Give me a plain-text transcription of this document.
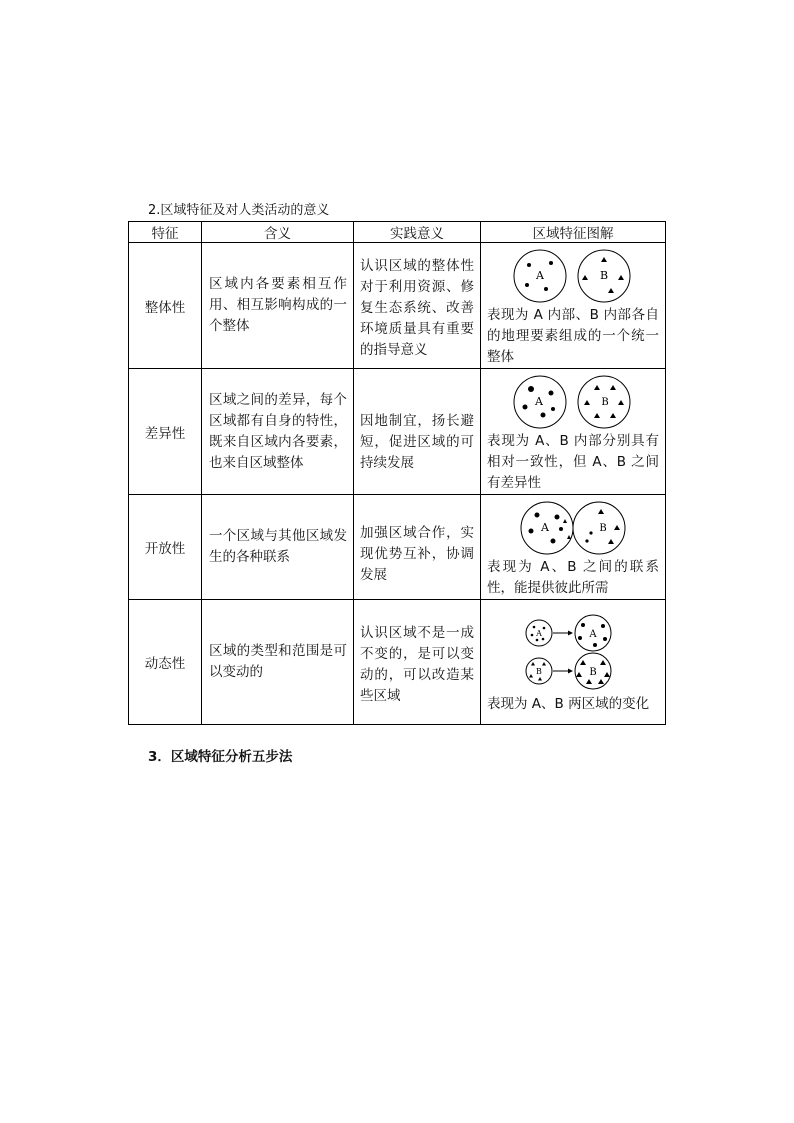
2.区域特征及对人类活动的意义
特征	含义	实践意义	区域特征图解
整体性	区域内各要素相互作用、相互影响构成的一个整体	认识区域的整体性对于利用资源、修复生态系统、改善环境质量具有重要的指导意义	A B
表现为 A 内部、B 内部各自的地理要素组成的一个统一整体

差异性	区域之间的差异，每个区域都有自身的特性，既来自区域内各要素，也来自区域整体	因地制宜，扬长避短，促进区域的可持续发展	A B
表现为 A、B 内部分别具有相对一致性，但 A、B 之间有差异性

开放性	一个区域与其他区域发生的各种联系	加强区域合作，实现优势互补，协调发展	A B
表现为 A、B 之间的联系性，能提供彼此所需

动态性	区域的类型和范围是可以变动的	认识区域不是一成不变的，是可以变动的，可以改造某些区域	A A
B B
表现为 A、B 两区域的变化
3．区域特征分析五步法
